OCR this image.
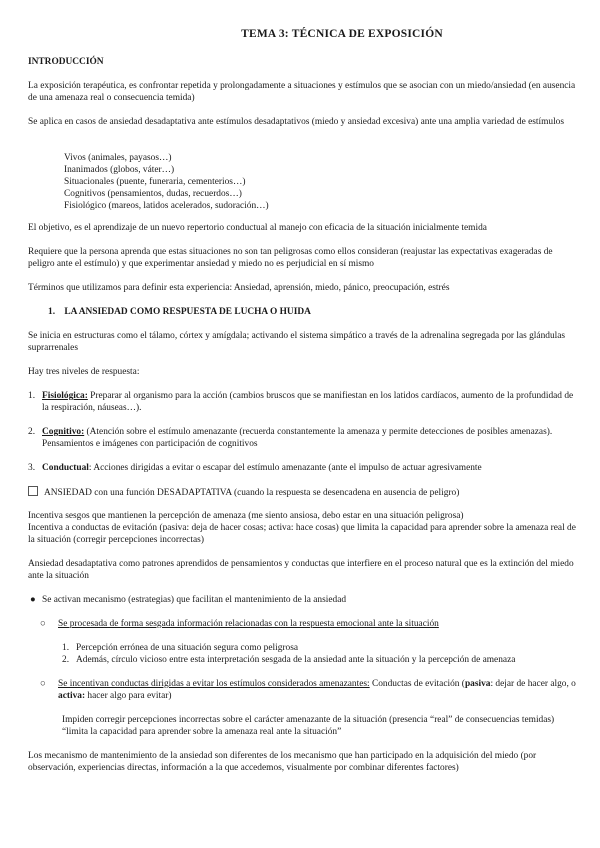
TEMA 3: TÉCNICA DE EXPOSICIÓN
INTRODUCCIÓN
La exposición terapéutica, es confrontar repetida y prolongadamente a situaciones y estímulos que se asocian con un miedo/ansiedad (en ausencia de una amenaza real o consecuencia temida)
Se aplica en casos de ansiedad desadaptativa ante estímulos desadaptativos (miedo y ansiedad excesiva) ante una amplia variedad de estímulos
Vivos (animales, payasos…)
Inanimados (globos, váter…)
Situacionales (puente, funeraria, cementerios…)
Cognitivos (pensamientos, dudas, recuerdos…)
Fisiológico (mareos, latidos acelerados, sudoración…)
El objetivo, es el aprendizaje de un nuevo repertorio conductual al manejo con eficacia de la situación inicialmente temida
Requiere que la persona aprenda que estas situaciones no son tan peligrosas como ellos consideran (reajustar las expectativas exageradas de peligro ante el estímulo) y que experimentar ansiedad y miedo no es perjudicial en sí mismo
Términos que utilizamos para definir esta experiencia: Ansiedad, aprensión, miedo, pánico, preocupación, estrés
1. LA ANSIEDAD COMO RESPUESTA DE LUCHA O HUIDA
Se inicia en estructuras como el tálamo, córtex y amígdala; activando el sistema simpático a través de la adrenalina segregada por las glándulas suprarrenales
Hay tres niveles de respuesta:
1. Fisiológica: Preparar al organismo para la acción (cambios bruscos que se manifiestan en los latidos cardíacos, aumento de la profundidad de la respiración, náuseas…).
2. Cognitivo: (Atención sobre el estímulo amenazante (recuerda constantemente la amenaza y permite detecciones de posibles amenazas). Pensamientos e imágenes con participación de cognitivos
3. Conductual: Acciones dirigidas a evitar o escapar del estímulo amenazante (ante el impulso de actuar agresivamente
ANSIEDAD con una función DESADAPTATIVA (cuando la respuesta se desencadena en ausencia de peligro)
Incentiva sesgos que mantienen la percepción de amenaza (me siento ansiosa, debo estar en una situación peligrosa)
Incentiva a conductas de evitación (pasiva: deja de hacer cosas; activa: hace cosas) que limita la capacidad para aprender sobre la amenaza real de la situación (corregir percepciones incorrectas)
Ansiedad desadaptativa como patrones aprendidos de pensamientos y conductas que interfiere en el proceso natural que es la extinción del miedo ante la situación
● Se activan mecanismo (estrategias) que facilitan el mantenimiento de la ansiedad
○ Se procesada de forma sesgada información relacionadas con la respuesta emocional ante la situación
1. Percepción errónea de una situación segura como peligrosa
2. Además, círculo vicioso entre esta interpretación sesgada de la ansiedad ante la situación y la percepción de amenaza
○ Se incentivan conductas dirigidas a evitar los estímulos considerados amenazantes: Conductas de evitación (pasiva: dejar de hacer algo, o activa: hacer algo para evitar)
Impiden corregir percepciones incorrectas sobre el carácter amenazante de la situación (presencia “real” de consecuencias temidas) “limita la capacidad para aprender sobre la amenaza real ante la situación”
Los mecanismo de mantenimiento de la ansiedad son diferentes de los mecanismo que han participado en la adquisición del miedo (por observación, experiencias directas, información a la que accedemos, visualmente por combinar diferentes factores)
